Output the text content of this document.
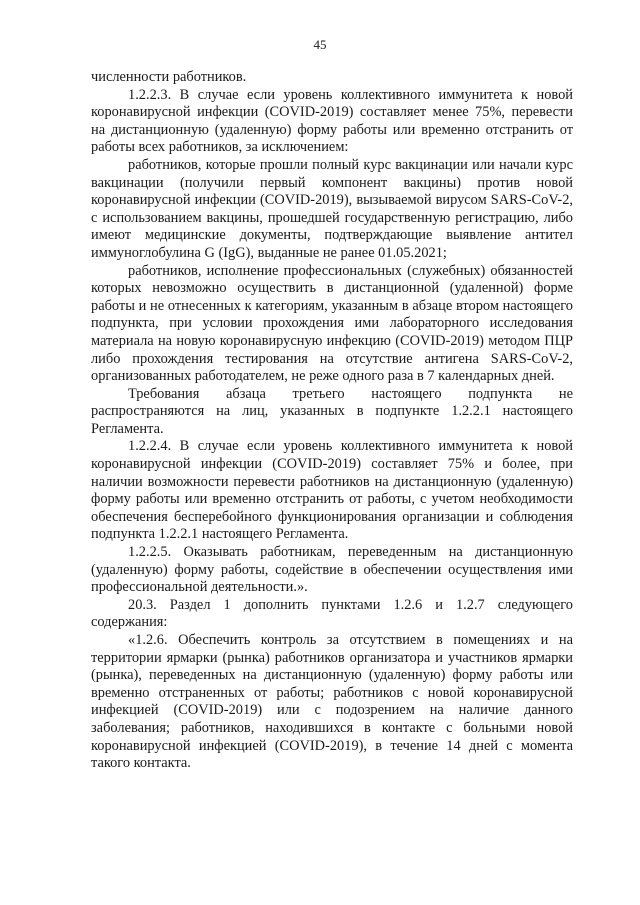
45

численности работников.

1.2.2.3. В случае если уровень коллективного иммунитета к новой коронавирусной инфекции (COVID-2019) составляет менее 75%, перевести на дистанционную (удаленную) форму работы или временно отстранить от работы всех работников, за исключением:

работников, которые прошли полный курс вакцинации или начали курс вакцинации (получили первый компонент вакцины) против новой коронавирусной инфекции (COVID-2019), вызываемой вирусом SARS-CoV-2, с использованием вакцины, прошедшей государственную регистрацию, либо имеют медицинские документы, подтверждающие выявление антител иммуноглобулина G (IgG), выданные не ранее 01.05.2021;

работников, исполнение профессиональных (служебных) обязанностей которых невозможно осуществить в дистанционной (удаленной) форме работы и не отнесенных к категориям, указанным в абзаце втором настоящего подпункта, при условии прохождения ими лабораторного исследования материала на новую коронавирусную инфекцию (COVID-2019) методом ПЦР либо прохождения тестирования на отсутствие антигена SARS-CoV-2, организованных работодателем, не реже одного раза в 7 календарных дней.

Требования абзаца третьего настоящего подпункта не распространяются на лиц, указанных в подпункте 1.2.2.1 настоящего Регламента.

1.2.2.4. В случае если уровень коллективного иммунитета к новой коронавирусной инфекции (COVID-2019) составляет 75% и более, при наличии возможности перевести работников на дистанционную (удаленную) форму работы или временно отстранить от работы, с учетом необходимости обеспечения бесперебойного функционирования организации и соблюдения подпункта 1.2.2.1 настоящего Регламента.

1.2.2.5. Оказывать работникам, переведенным на дистанционную (удаленную) форму работы, содействие в обеспечении осуществления ими профессиональной деятельности.».

20.3. Раздел 1 дополнить пунктами 1.2.6 и 1.2.7 следующего содержания:

«1.2.6. Обеспечить контроль за отсутствием в помещениях и на территории ярмарки (рынка) работников организатора и участников ярмарки (рынка), переведенных на дистанционную (удаленную) форму работы или временно отстраненных от работы; работников с новой коронавирусной инфекцией (COVID-2019) или с подозрением на наличие данного заболевания; работников, находившихся в контакте с больными новой коронавирусной инфекцией (COVID-2019), в течение 14 дней с момента такого контакта.
